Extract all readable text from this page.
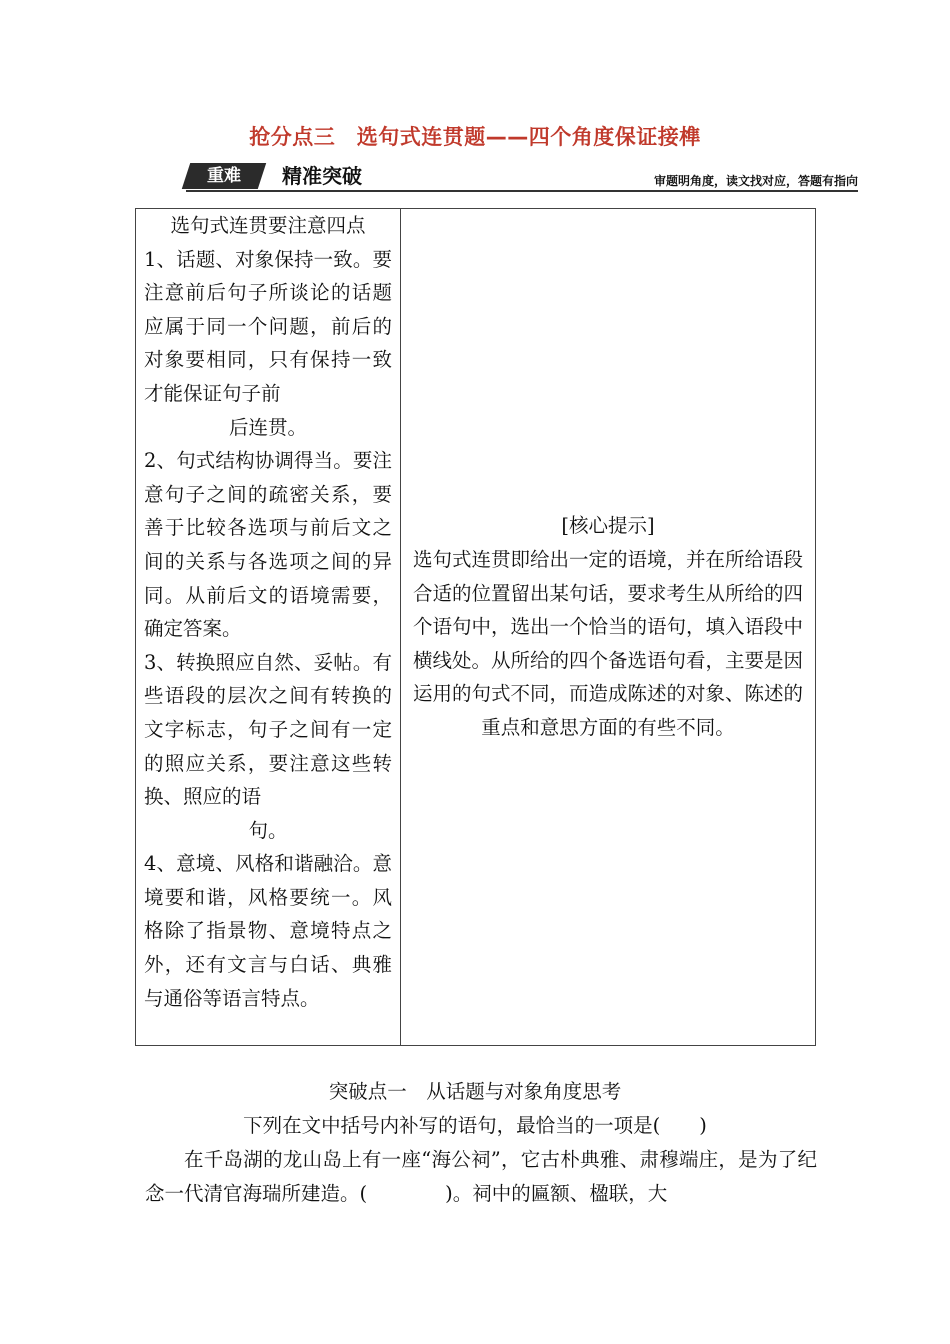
抢分点三　选句式连贯题——四个角度保证接榫
重难	精准突破	审题明角度，读文找对应，答题有指向
选句式连贯要注意四点
1、话题、对象保持一致。要注意前后句子所谈论的话题应属于同一个问题，前后的对象要相同，只有保持一致才能保证句子前
后连贯。
2、句式结构协调得当。要注意句子之间的疏密关系，要善于比较各选项与前后文之间的关系与各选项之间的异同。从前后文的语境需要，确定答案。
3、转换照应自然、妥帖。有些语段的层次之间有转换的文字标志，句子之间有一定的照应关系，要注意这些转换、照应的语
句。
4、意境、风格和谐融洽。意境要和谐，风格要统一。风格除了指景物、意境特点之外，还有文言与白话、典雅与通俗等语言特点。

[核心提示]
选句式连贯即给出一定的语境，并在所给语段合适的位置留出某句话，要求考生从所给的四个语句中，选出一个恰当的语句，填入语段中横线处。从所给的四个备选语句看，主要是因运用的句式不同，而造成陈述的对象、陈述的重点和意思方面的有些不同。
突破点一　从话题与对象角度思考
下列在文中括号内补写的语句，最恰当的一项是(　　)
在千岛湖的龙山岛上有一座“海公祠”，它古朴典雅、肃穆端庄，是为了纪念一代清官海瑞所建造。(　　　　)。祠中的匾额、楹联，大
